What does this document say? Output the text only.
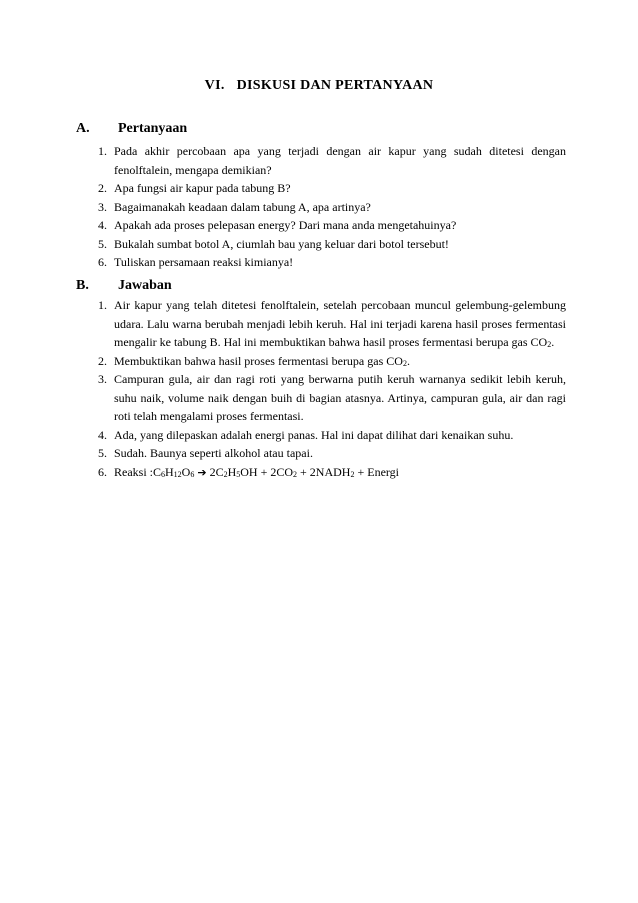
VI. DISKUSI DAN PERTANYAAN
A. Pertanyaan
1. Pada akhir percobaan apa yang terjadi dengan air kapur yang sudah ditetesi dengan fenolftalein, mengapa demikian?
2. Apa fungsi air kapur pada tabung B?
3. Bagaimanakah keadaan dalam tabung A, apa artinya?
4. Apakah ada proses pelepasan energy? Dari mana anda mengetahuinya?
5. Bukalah sumbat botol A, ciumlah bau yang keluar dari botol tersebut!
6. Tuliskan persamaan reaksi kimianya!
B. Jawaban
1. Air kapur yang telah ditetesi fenolftalein, setelah percobaan muncul gelembung-gelembung udara. Lalu warna berubah menjadi lebih keruh. Hal ini terjadi karena hasil proses fermentasi mengalir ke tabung B. Hal ini membuktikan bahwa hasil proses fermentasi berupa gas $CO_2$.
2. Membuktikan bahwa hasil proses fermentasi berupa gas $CO_2$.
3. Campuran gula, air dan ragi roti yang berwarna putih keruh warnanya sedikit lebih keruh, suhu naik, volume naik dengan buih di bagian atasnya. Artinya, campuran gula, air dan ragi roti telah mengalami proses fermentasi.
4. Ada, yang dilepaskan adalah energi panas. Hal ini dapat dilihat dari kenaikan suhu.
5. Sudah. Baunya seperti alkohol atau tapai.
6. Reaksi $:C_6H_{12}O_6$ ➔ $2C_2H_5OH + 2CO_2$ + $2NADH_2$ + Energi
